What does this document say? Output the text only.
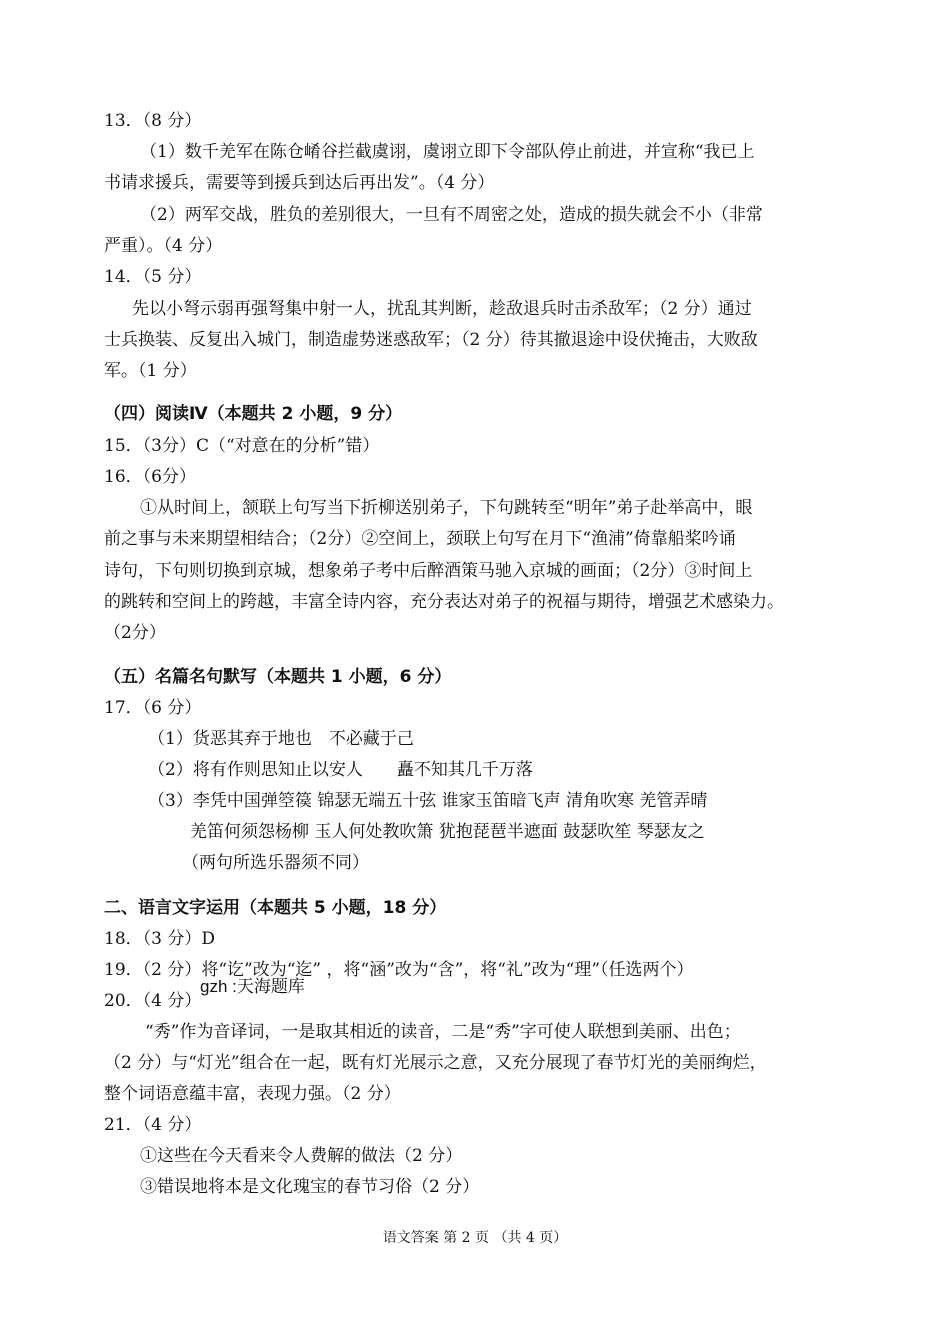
13．（8 分）
（1）数千羌军在陈仓崤谷拦截虞诩，虞诩立即下令部队停止前进，并宣称“我已上
书请求援兵，需要等到援兵到达后再出发”。（4 分）
（2）两军交战，胜负的差别很大，一旦有不周密之处，造成的损失就会不小（非常
严重）。（4 分）
14．（5 分）
先以小弩示弱再强弩集中射一人，扰乱其判断，趁敌退兵时击杀敌军；（2 分）通过
士兵换装、反复出入城门，制造虚势迷惑敌军；（2 分）待其撤退途中设伏掩击，大败敌
军。（1 分）
（四）阅读Ⅳ（本题共 2 小题，9 分）
15．（3分）C（“对意在的分析”错）
16．（6分）
①从时间上，颔联上句写当下折柳送别弟子，下句跳转至“明年”弟子赴举高中，眼
前之事与未来期望相结合；（2分）②空间上，颈联上句写在月下“渔浦”倚靠船桨吟诵
诗句，下句则切换到京城，想象弟子考中后醉酒策马驰入京城的画面；（2分）③时间上
的跳转和空间上的跨越，丰富全诗内容，充分表达对弟子的祝福与期待，增强艺术感染力。
（2分）
（五）名篇名句默写（本题共 1 小题，6 分）
17．（6 分）
（1）货恶其弃于地也　不必藏于己
（2）将有作则思知止以安人　　矗不知其几千万落
（3）李凭中国弹箜篌 锦瑟无端五十弦 谁家玉笛暗飞声 清角吹寒 羌管弄晴
羌笛何须怨杨柳 玉人何处教吹箫 犹抱琵琶半遮面 鼓瑟吹笙 琴瑟友之
（两句所选乐器须不同）
二、语言文字运用（本题共 5 小题，18 分）
18．（3 分）D
19．（2 分）将“讫”改为“迄” ，将“涵”改为“含”，将“礼”改为“理”（任选两个）
20．（4 分）
“秀”作为音译词，一是取其相近的读音，二是“秀”字可使人联想到美丽、出色；
（2 分）与“灯光”组合在一起，既有灯光展示之意，又充分展现了春节灯光的美丽绚烂，
整个词语意蕴丰富，表现力强。（2 分）
21．（4 分）
①这些在今天看来令人费解的做法（2 分）
③错误地将本是文化瑰宝的春节习俗（2 分）
gzh :天海题库
语文答案 第 2 页 （共 4 页）
